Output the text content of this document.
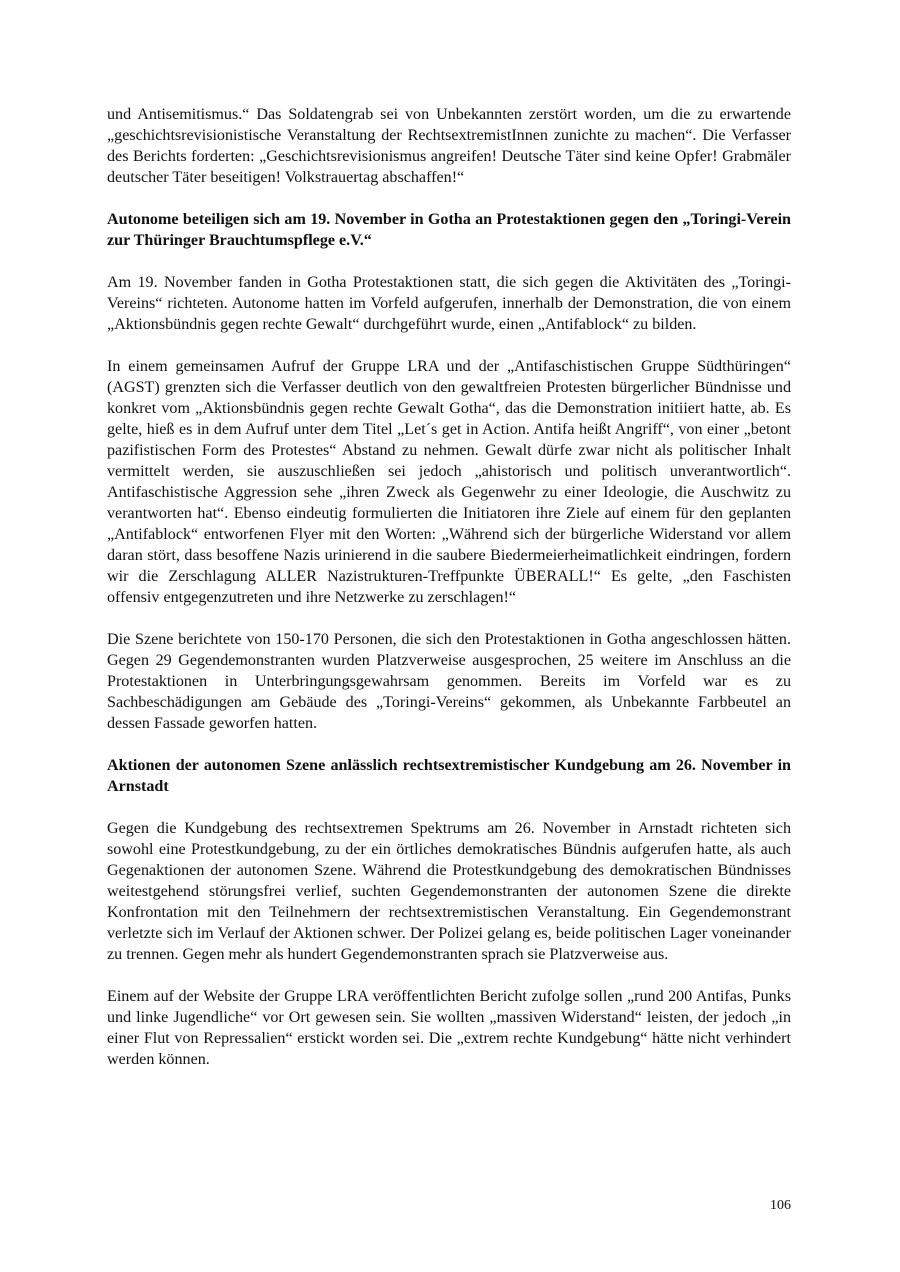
und Antisemitismus.“ Das Soldatengrab sei von Unbekannten zerstört worden, um die zu erwartende „geschichtsrevisionistische Veranstaltung der RechtsextremistInnen zunichte zu machen“. Die Verfasser des Berichts forderten: „Geschichtsrevisionismus angreifen! Deutsche Täter sind keine Opfer! Grabmäler deutscher Täter beseitigen! Volkstrauertag abschaffen!“

Autonome beteiligen sich am 19. November in Gotha an Protestaktionen gegen den „Toringi-Verein zur Thüringer Brauchtumspflege e.V.“

Am 19. November fanden in Gotha Protestaktionen statt, die sich gegen die Aktivitäten des „Toringi-Vereins“ richteten. Autonome hatten im Vorfeld aufgerufen, innerhalb der Demonstration, die von einem „Aktionsbündnis gegen rechte Gewalt“ durchgeführt wurde, einen „Antifablock“ zu bilden.

In einem gemeinsamen Aufruf der Gruppe LRA und der „Antifaschistischen Gruppe Südthüringen“ (AGST) grenzten sich die Verfasser deutlich von den gewaltfreien Protesten bürgerlicher Bündnisse und konkret vom „Aktionsbündnis gegen rechte Gewalt Gotha“, das die Demonstration initiiert hatte, ab. Es gelte, hieß es in dem Aufruf unter dem Titel „Let´s get in Action. Antifa heißt Angriff“, von einer „betont pazifistischen Form des Protestes“ Abstand zu nehmen. Gewalt dürfe zwar nicht als politischer Inhalt vermittelt werden, sie auszuschließen sei jedoch „ahistorisch und politisch unverantwortlich“. Antifaschistische Aggression sehe „ihren Zweck als Gegenwehr zu einer Ideologie, die Auschwitz zu verantworten hat“. Ebenso eindeutig formulierten die Initiatoren ihre Ziele auf einem für den geplanten „Antifablock“ entworfenen Flyer mit den Worten: „Während sich der bürgerliche Widerstand vor allem daran stört, dass besoffene Nazis urinierend in die saubere Biedermeierheimatlichkeit eindringen, fordern wir die Zerschlagung ALLER Nazistrukturen-Treffpunkte ÜBERALL!“ Es gelte, „den Faschisten offensiv entgegenzutreten und ihre Netzwerke zu zerschlagen!“

Die Szene berichtete von 150-170 Personen, die sich den Protestaktionen in Gotha angeschlossen hätten. Gegen 29 Gegendemonstranten wurden Platzverweise ausgesprochen, 25 weitere im Anschluss an die Protestaktionen in Unterbringungsgewahrsam genommen. Bereits im Vorfeld war es zu Sachbeschädigungen am Gebäude des „Toringi-Vereins“ gekommen, als Unbekannte Farbbeutel an dessen Fassade geworfen hatten.

Aktionen der autonomen Szene anlässlich rechtsextremistischer Kundgebung am 26. November in Arnstadt

Gegen die Kundgebung des rechtsextremen Spektrums am 26. November in Arnstadt richteten sich sowohl eine Protestkundgebung, zu der ein örtliches demokratisches Bündnis aufgerufen hatte, als auch Gegenaktionen der autonomen Szene. Während die Protestkundgebung des demokratischen Bündnisses weitestgehend störungsfrei verlief, suchten Gegendemonstranten der autonomen Szene die direkte Konfrontation mit den Teilnehmern der rechtsextremistischen Veranstaltung. Ein Gegendemonstrant verletzte sich im Verlauf der Aktionen schwer. Der Polizei gelang es, beide politischen Lager voneinander zu trennen. Gegen mehr als hundert Gegendemonstranten sprach sie Platzverweise aus.

Einem auf der Website der Gruppe LRA veröffentlichten Bericht zufolge sollen „rund 200 Antifas, Punks und linke Jugendliche“ vor Ort gewesen sein. Sie wollten „massiven Widerstand“ leisten, der jedoch „in einer Flut von Repressalien“ erstickt worden sei. Die „extrem rechte Kundgebung“ hätte nicht verhindert werden können.

106
